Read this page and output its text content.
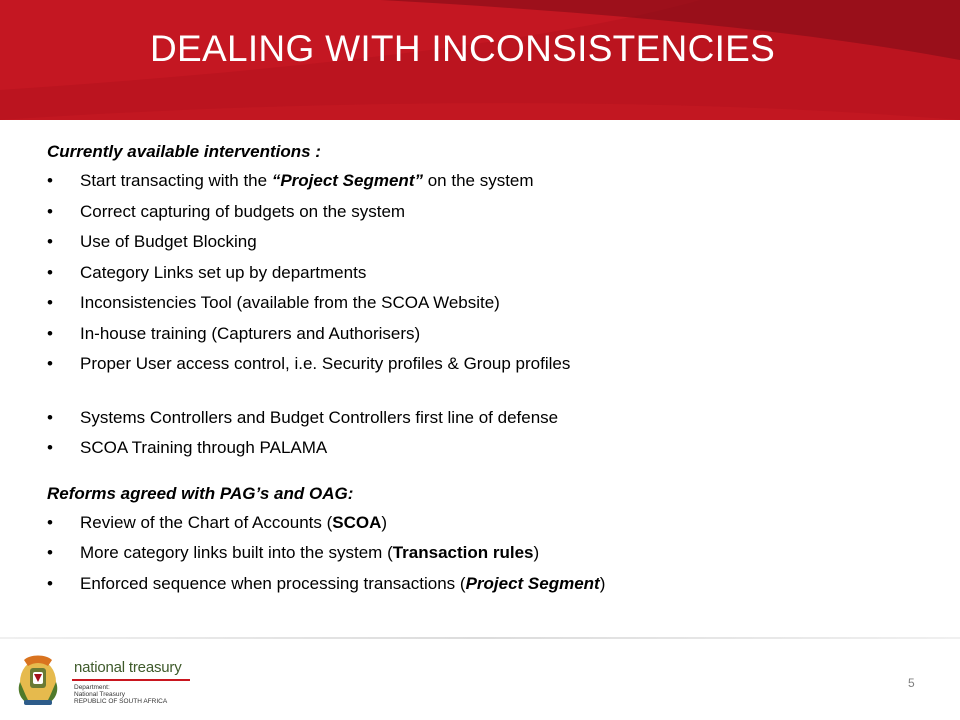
DEALING WITH INCONSISTENCIES

Currently available interventions :

• Start transacting with the “Project Segment” on the system
• Correct capturing of budgets on the system
• Use of Budget Blocking
• Category Links set up by departments
• Inconsistencies Tool (available from the SCOA Website)
• In-house training (Capturers and Authorisers)
• Proper User access control, i.e. Security profiles & Group profiles
• Systems Controllers and Budget Controllers first line of defense
• SCOA Training through PALAMA

Reforms agreed with PAG’s and OAG:

• Review of the Chart of Accounts (SCOA)
• More category links built into the system (Transaction rules)
• Enforced sequence when processing transactions (Project Segment)
national treasury
Department:
National Treasury
REPUBLIC OF SOUTH AFRICA
5
